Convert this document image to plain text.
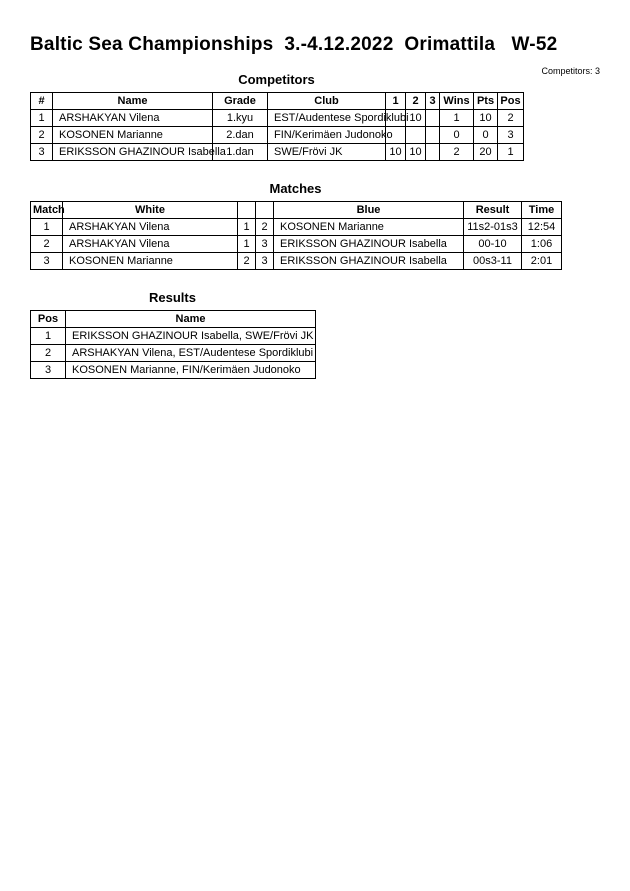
Baltic Sea Championships  3.-4.12.2022  Orimattila   W-52
Competitors: 3
Competitors
#	Name	Grade	Club	1	2	3	Wins	Pts	Pos
1	ARSHAKYAN Vilena	1.kyu	EST/Audentese Spordiklubi		10		1	10	2
2	KOSONEN Marianne	2.dan	FIN/Kerimäen Judonoko				0	0	3
3	ERIKSSON GHAZINOUR Isabella	1.dan	SWE/Frövi JK	10	10		2	20	1
Matches
Match	White			Blue	Result	Time
1	ARSHAKYAN Vilena	1	2	KOSONEN Marianne	11s2-01s3	12:54
2	ARSHAKYAN Vilena	1	3	ERIKSSON GHAZINOUR Isabella	00-10	1:06
3	KOSONEN Marianne	2	3	ERIKSSON GHAZINOUR Isabella	00s3-11	2:01
Results
Pos	Name
1	ERIKSSON GHAZINOUR Isabella, SWE/Frövi JK
2	ARSHAKYAN Vilena, EST/Audentese Spordiklubi
3	KOSONEN Marianne, FIN/Kerimäen Judonoko
